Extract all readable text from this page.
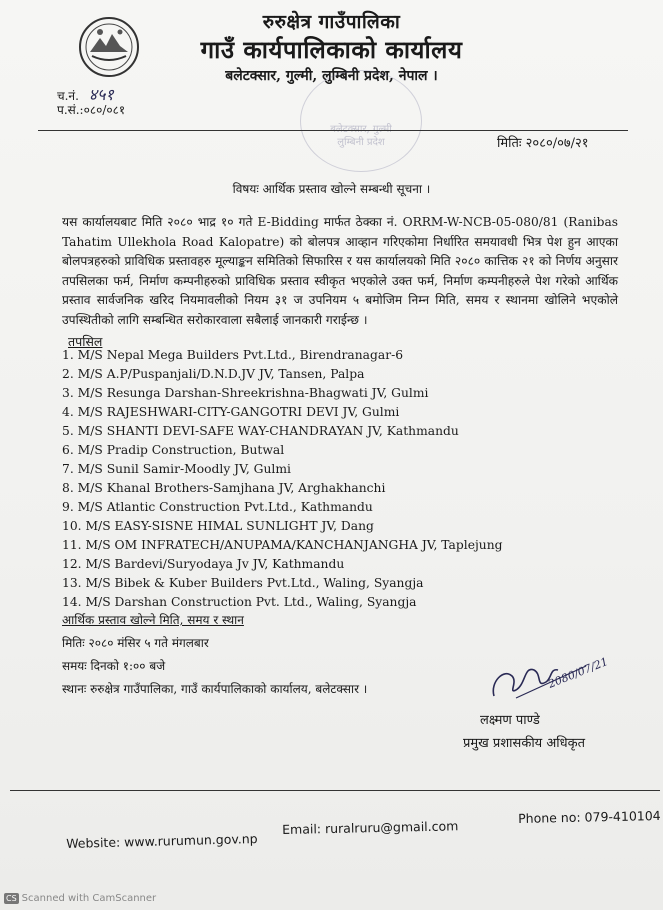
रुरुक्षेत्र गाउँपालिका
गाउँ कार्यपालिकाको कार्यालय
बलेटक्सार, गुल्मी, लुम्बिनी प्रदेश, नेपाल ।
च.नं. ४५१
प.सं.:०८०/०८१
बलेटक्सार, गुल्मी
लुम्बिनी प्रदेश	मितिः २०८०/०७/२१
विषयः आर्थिक प्रस्ताव खोल्ने सम्बन्धी सूचना ।
यस कार्यालयबाट मिति २०८० भाद्र १० गते E-Bidding मार्फत ठेक्का नं. ORRM-W-NCB-05-080/81 (Ranibas Tahatim Ullekhola Road Kalopatre) को बोलपत्र आव्हान गरिएकोमा निर्धारित समयावधी भित्र पेश हुन आएका बोलपत्रहरुको प्राविधिक प्रस्तावहरु मूल्याङ्कन समितिको सिफारिस र यस कार्यालयको मिति २०८० कात्तिक २१ को निर्णय अनुसार तपसिलका फर्म, निर्माण कम्पनीहरुको प्राविधिक प्रस्ताव स्वीकृत भएकोले उक्त फर्म, निर्माण कम्पनीहरुले पेश गरेको आर्थिक प्रस्ताव सार्वजनिक खरिद नियमावलीको नियम ३१ ज उपनियम ५ बमोजिम निम्न मिति, समय र स्थानमा खोलिने भएकोले उपस्थितीको लागि सम्बन्धित सरोकारवाला सबैलाई जानकारी गराईन्छ ।
तपसिल
1. M/S Nepal Mega Builders Pvt.Ltd., Birendranagar-6
2. M/S A.P/Puspanjali/D.N.D.JV JV, Tansen, Palpa
3. M/S Resunga Darshan-Shreekrishna-Bhagwati JV, Gulmi
4. M/S RAJESHWARI-CITY-GANGOTRI DEVI JV, Gulmi
5. M/S SHANTI DEVI-SAFE WAY-CHANDRAYAN JV, Kathmandu
6. M/S Pradip Construction, Butwal
7. M/S Sunil Samir-Moodly JV, Gulmi
8. M/S Khanal Brothers-Samjhana JV, Arghakhanchi
9. M/S Atlantic Construction Pvt.Ltd., Kathmandu
10. M/S EASY-SISNE HIMAL SUNLIGHT JV, Dang
11. M/S OM INFRATECH/ANUPAMA/KANCHANJANGHA JV, Taplejung
12. M/S Bardevi/Suryodaya Jv JV, Kathmandu
13. M/S Bibek & Kuber Builders Pvt.Ltd., Waling, Syangja
14. M/S Darshan Construction Pvt. Ltd., Waling, Syangja
आर्थिक प्रस्ताव खोल्ने मिति, समय र स्थान
मितिः २०८० मंसिर ५ गते मंगलबार
समयः दिनको १:०० बजे
स्थानः रुरुक्षेत्र गाउँपालिका, गाउँ कार्यपालिकाको कार्यालय, बलेटक्सार ।	2080/07/21
लक्ष्मण पाण्डे
प्रमुख प्रशासकीय अधिकृत
Website: www.rurumun.gov.np
Email: ruralruru@gmail.com
Phone no: 079-410104
CS Scanned with CamScanner
